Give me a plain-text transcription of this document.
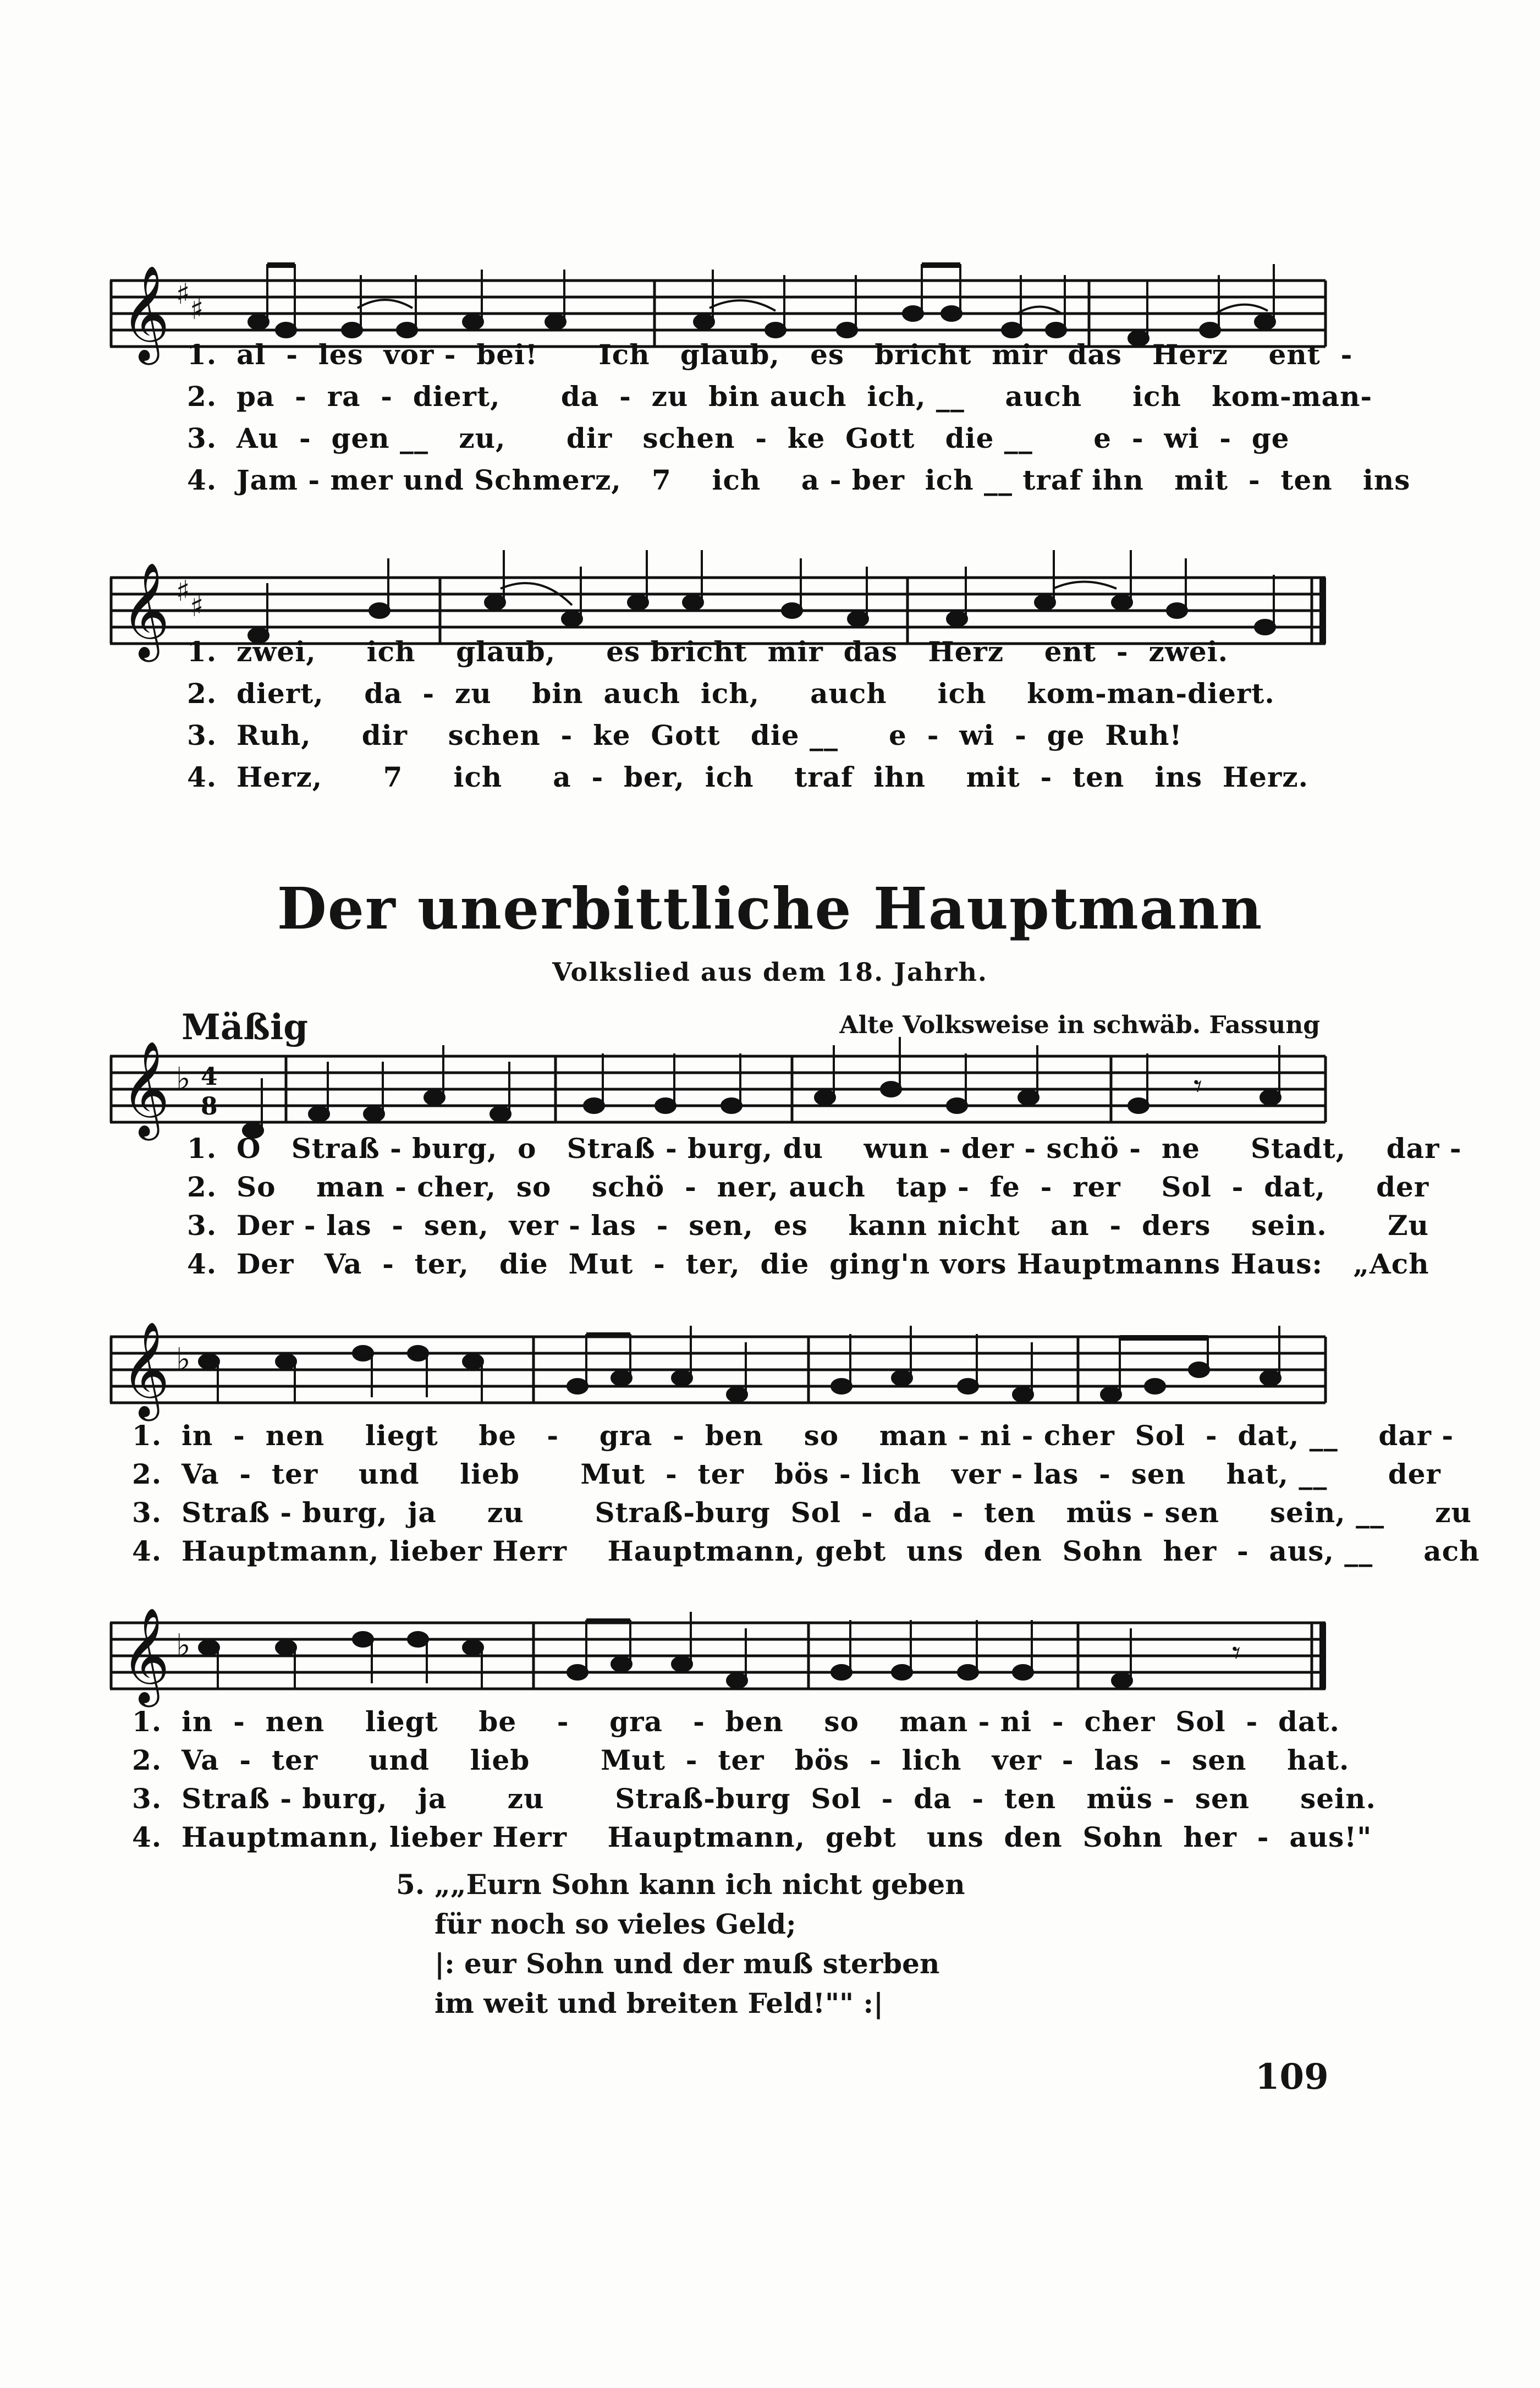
𝄞 ♯ ♯
1. al  -  les  vor -  bei!      Ich   glaub,   es   bricht  mir  das   Herz    ent  -
2. pa  -  ra  -  diert,      da  -  zu  bin auch  ich, __    auch     ich   kom-man-
3. Au  -  gen __   zu,      dir   schen  -  ke  Gott   die __      e  -  wi  -  ge
4. Jam - mer und Schmerz,   7    ich    a - ber  ich __ traf ihn   mit  -  ten   ins
𝄞 ♯ ♯
1. zwei,     ich    glaub,     es bricht  mir  das   Herz    ent  -  zwei.
2. diert,    da  -  zu    bin  auch  ich,     auch     ich    kom-man-diert.
3. Ruh,     dir    schen  -  ke  Gott   die __     e  -  wi  -  ge  Ruh!
4. Herz,      7     ich     a  -  ber,  ich    traf  ihn    mit  -  ten   ins  Herz.
Der unerbittliche Hauptmann
Volkslied aus dem 18. Jahrh.
Mäßig	Alte Volksweise in schwäb. Fassung
𝄞 ♭ 4
8
𝄾
1. O   Straß - burg,  o   Straß - burg, du    wun - der - schö -  ne     Stadt,    dar -
2. So    man - cher,  so    schö  -  ner, auch   tap -  fe  -  rer    Sol  -  dat,     der
3. Der - las  -  sen,  ver - las  -  sen,  es    kann nicht   an  -  ders    sein.      Zu
4. Der   Va  -  ter,   die  Mut  -  ter,  die  ging'n vors Hauptmanns Haus:   „Ach
𝄞 ♭
1. in  -  nen    liegt    be   -    gra  -  ben    so    man - ni - cher  Sol  -  dat, __    dar -
2. Va  -  ter    und    lieb      Mut  -  ter   bös - lich   ver - las  -  sen    hat, __      der
3. Straß - burg,  ja     zu       Straß-burg  Sol  -  da  -  ten   müs - sen     sein, __     zu
4. Hauptmann, lieber Herr    Hauptmann, gebt  uns  den  Sohn  her  -  aus, __     ach
𝄞 ♭	𝄾
1. in  -  nen    liegt    be    -    gra   -  ben    so    man - ni  -  cher  Sol  -  dat.
2. Va  -  ter     und    lieb       Mut  -  ter   bös  -  lich   ver  -  las  -  sen    hat.
3. Straß - burg,   ja      zu       Straß-burg  Sol  -  da  -  ten   müs -  sen     sein.
4. Hauptmann, lieber Herr    Hauptmann,  gebt   uns  den  Sohn  her  -  aus!"
5. „„Eurn Sohn kann ich nicht geben
für noch so vieles Geld;
|: eur Sohn und der muß sterben
im weit und breiten Feld!"" :|
109
